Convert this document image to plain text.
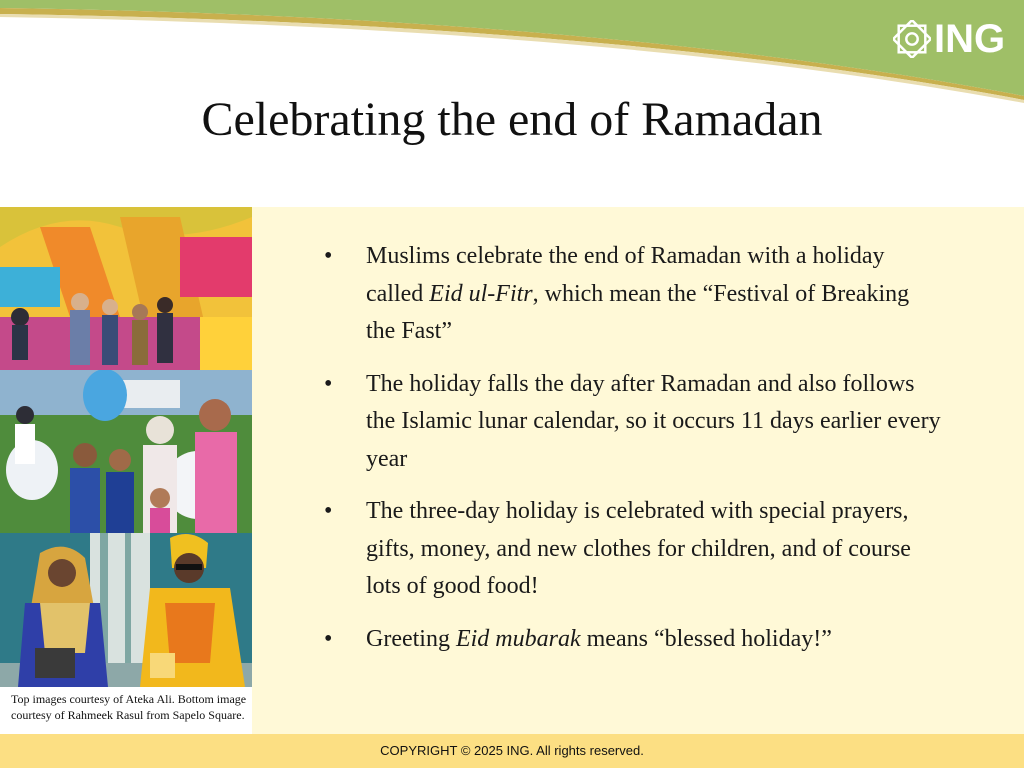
ING
Celebrating the end of Ramadan
Top images courtesy of Ateka Ali. Bottom image courtesy of Rahmeek Rasul from Sapelo Square.
• Muslims celebrate the end of Ramadan with a holiday called Eid ul-Fitr, which mean the “Festival of Breaking the Fast”
• The holiday falls the day after Ramadan and also follows the Islamic lunar calendar, so it occurs 11 days earlier every year
• The three-day holiday is celebrated with special prayers, gifts, money, and new clothes for children, and of course lots of good food!
• Greeting Eid mubarak means “blessed holiday!”
COPYRIGHT © 2025 ING. All rights reserved.
